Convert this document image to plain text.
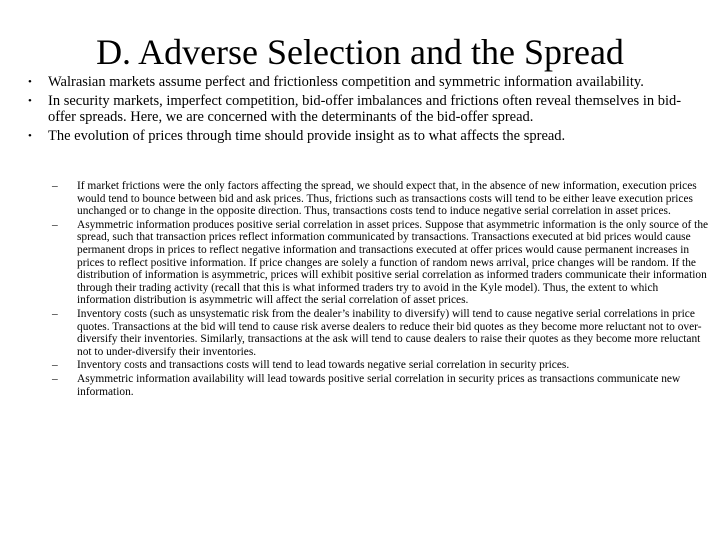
D. Adverse Selection and the Spread
• Walrasian markets assume perfect and frictionless competition and symmetric information availability.
• In security markets, imperfect competition, bid-offer imbalances and frictions often reveal themselves in bid-offer spreads. Here, we are concerned with the determinants of the bid-offer spread.
• The evolution of prices through time should provide insight as to what affects the spread.
– If market frictions were the only factors affecting the spread, we should expect that, in the absence of new information, execution prices would tend to bounce between bid and ask prices. Thus, frictions such as transactions costs will tend to be either leave execution prices unchanged or to change in the opposite direction. Thus, transactions costs tend to induce negative serial correlation in asset prices.
– Asymmetric information produces positive serial correlation in asset prices. Suppose that asymmetric information is the only source of the spread, such that transaction prices reflect information communicated by transactions. Transactions executed at bid prices would cause permanent drops in prices to reflect negative information and transactions executed at offer prices would cause permanent increases in prices to reflect positive information. If price changes are solely a function of random news arrival, price changes will be random. If the distribution of information is asymmetric, prices will exhibit positive serial correlation as informed traders communicate their information through their trading activity (recall that this is what informed traders try to avoid in the Kyle model). Thus, the extent to which information distribution is asymmetric will affect the serial correlation of asset prices.
– Inventory costs (such as unsystematic risk from the dealer’s inability to diversify) will tend to cause negative serial correlations in price quotes. Transactions at the bid will tend to cause risk averse dealers to reduce their bid quotes as they become more reluctant not to over-diversify their inventories. Similarly, transactions at the ask will tend to cause dealers to raise their quotes as they become more reluctant not to under-diversify their inventories.
– Inventory costs and transactions costs will tend to lead towards negative serial correlation in security prices.
– Asymmetric information availability will lead towards positive serial correlation in security prices as transactions communicate new information.
